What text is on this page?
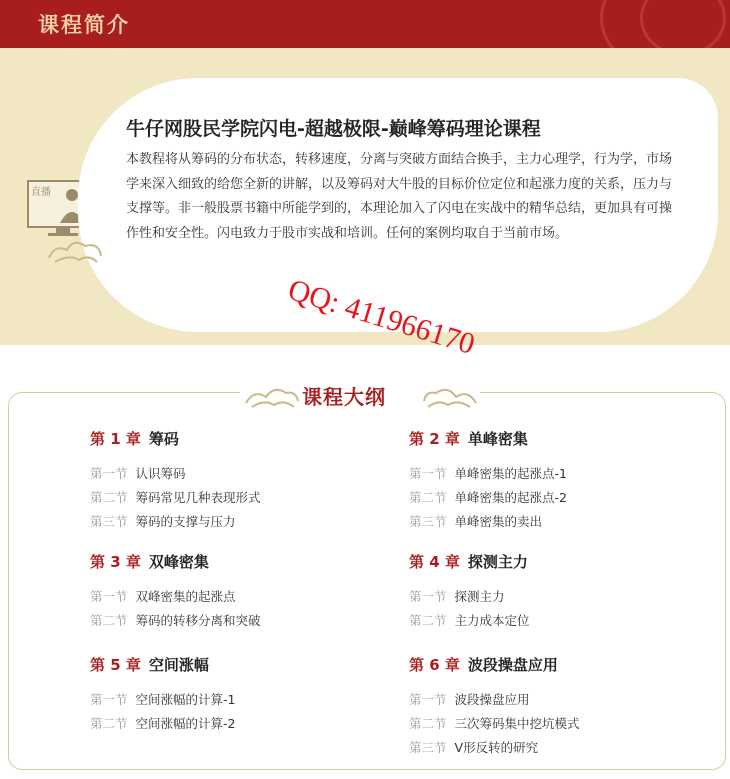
课程简介
直播
牛仔网股民学院闪电-超越极限-巅峰筹码理论课程
本教程将从筹码的分布状态，转移速度，分离与突破方面结合换手，主力心理学，行为学，市场学来深入细致的给您全新的讲解，以及筹码对大牛股的目标价位定位和起涨力度的关系，压力与支撑等。非一般股票书籍中所能学到的，本理论加入了闪电在实战中的精华总结，更加具有可操作性和安全性。闪电致力于股市实战和培训。任何的案例均取自于当前市场。
QQ: 411966170
课程大纲
第 1 章 筹码
第一节 认识筹码
第二节 筹码常见几种表现形式
第三节 筹码的支撑与压力
第 2 章 单峰密集
第一节 单峰密集的起涨点-1
第二节 单峰密集的起涨点-2
第三节 单峰密集的卖出
第 3 章 双峰密集
第一节 双峰密集的起涨点
第二节 筹码的转移分离和突破
第 4 章 探测主力
第一节 探测主力
第二节 主力成本定位
第 5 章 空间涨幅
第一节 空间涨幅的计算-1
第二节 空间涨幅的计算-2
第 6 章 波段操盘应用
第一节 波段操盘应用
第二节 三次筹码集中挖坑模式
第三节 V形反转的研究
